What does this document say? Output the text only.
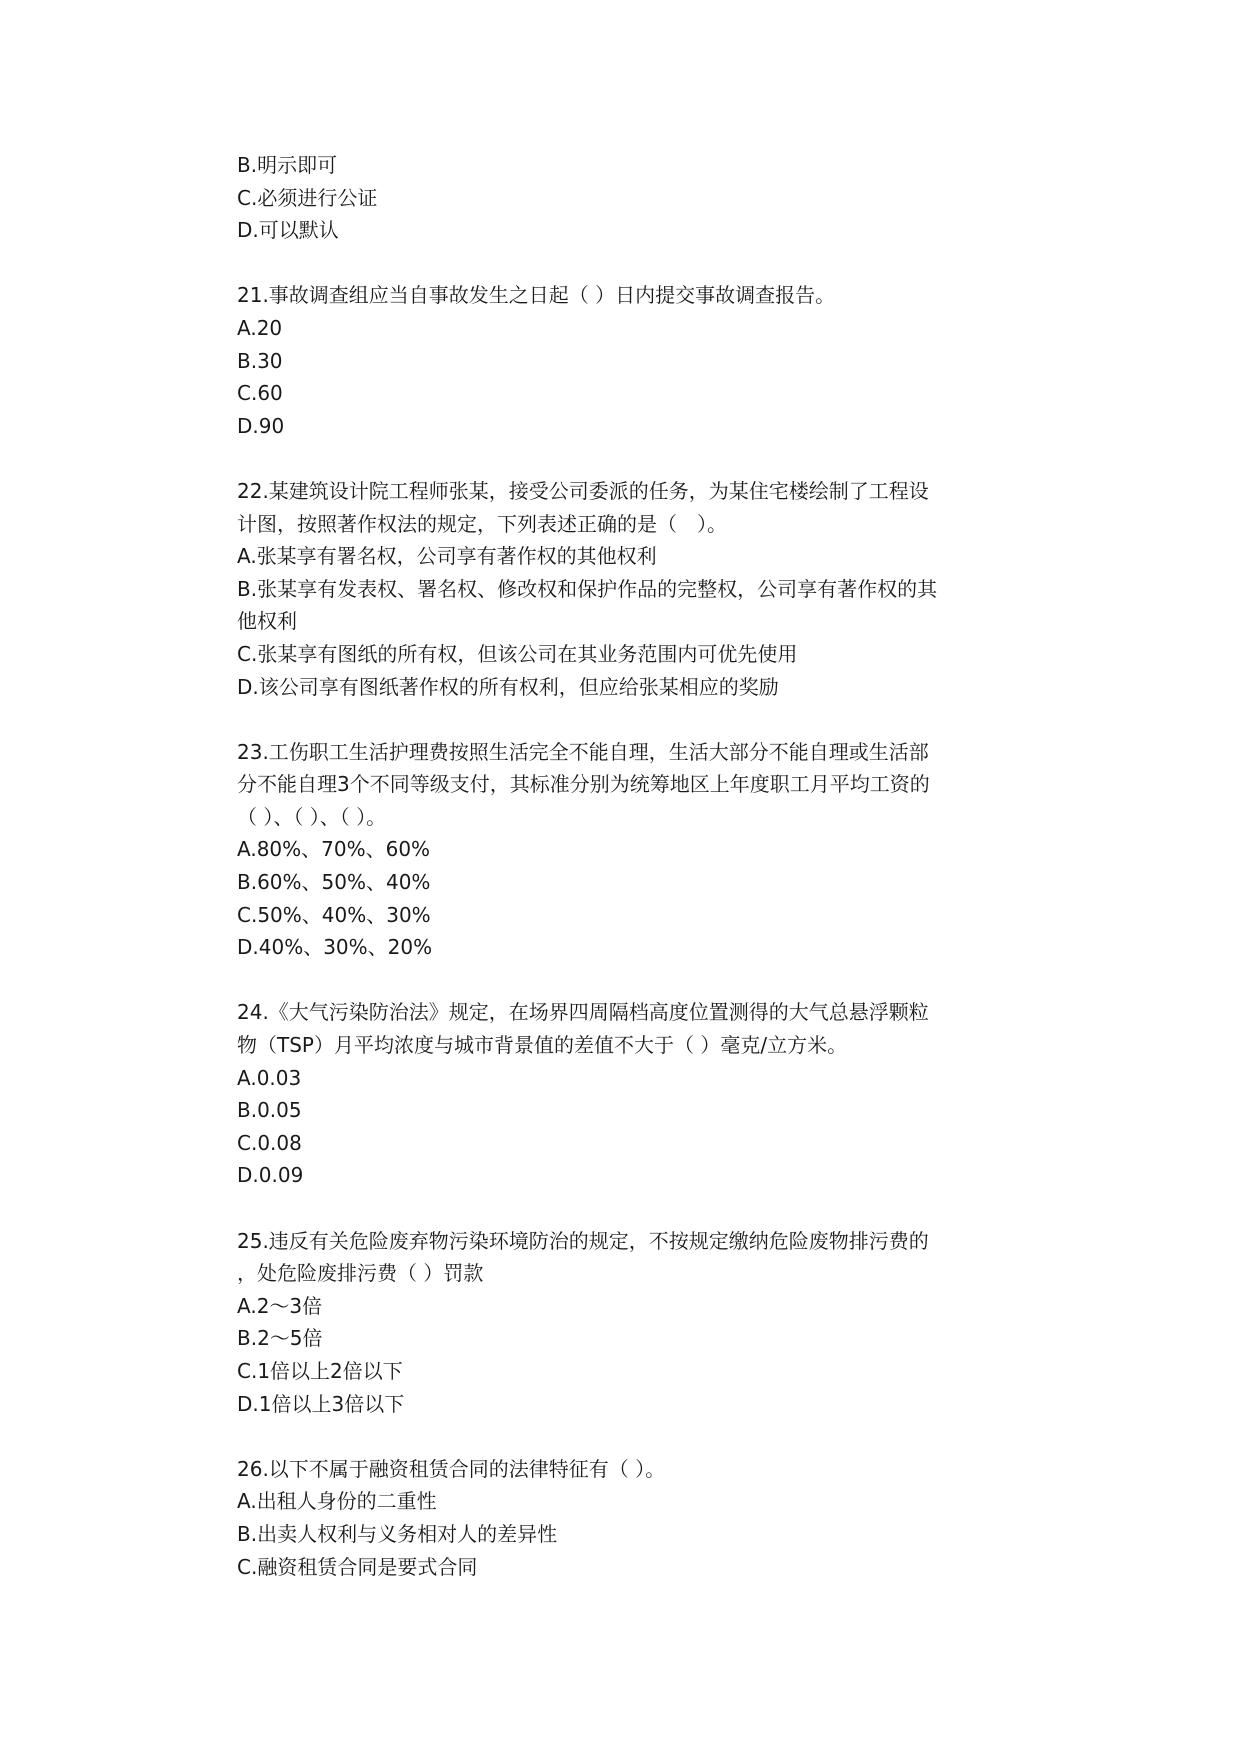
B.明示即可
C.必须进行公证
D.可以默认
21.事故调查组应当自事故发生之日起（ ）日内提交事故调查报告。
A.20
B.30
C.60
D.90
22.某建筑设计院工程师张某，接受公司委派的任务，为某住宅楼绘制了工程设
计图，按照著作权法的规定，下列表述正确的是（　）。
A.张某享有署名权，公司享有著作权的其他权利
B.张某享有发表权、署名权、修改权和保护作品的完整权，公司享有著作权的其
他权利
C.张某享有图纸的所有权，但该公司在其业务范围内可优先使用
D.该公司享有图纸著作权的所有权利，但应给张某相应的奖励
23.工伤职工生活护理费按照生活完全不能自理，生活大部分不能自理或生活部
分不能自理3个不同等级支付，其标准分别为统筹地区上年度职工月平均工资的
（ ）、（ ）、（ ）。
A.80%、70%、60%
B.60%、50%、40%
C.50%、40%、30%
D.40%、30%、20%
24.《大气污染防治法》规定，在场界四周隔档高度位置测得的大气总悬浮颗粒
物（TSP）月平均浓度与城市背景值的差值不大于（ ）毫克/立方米。
A.0.03
B.0.05
C.0.08
D.0.09
25.违反有关危险废弃物污染环境防治的规定，不按规定缴纳危险废物排污费的
，处危险废排污费（ ）罚款
A.2～3倍
B.2～5倍
C.1倍以上2倍以下
D.1倍以上3倍以下
26.以下不属于融资租赁合同的法律特征有（ ）。
A.出租人身份的二重性
B.出卖人权利与义务相对人的差异性
C.融资租赁合同是要式合同
